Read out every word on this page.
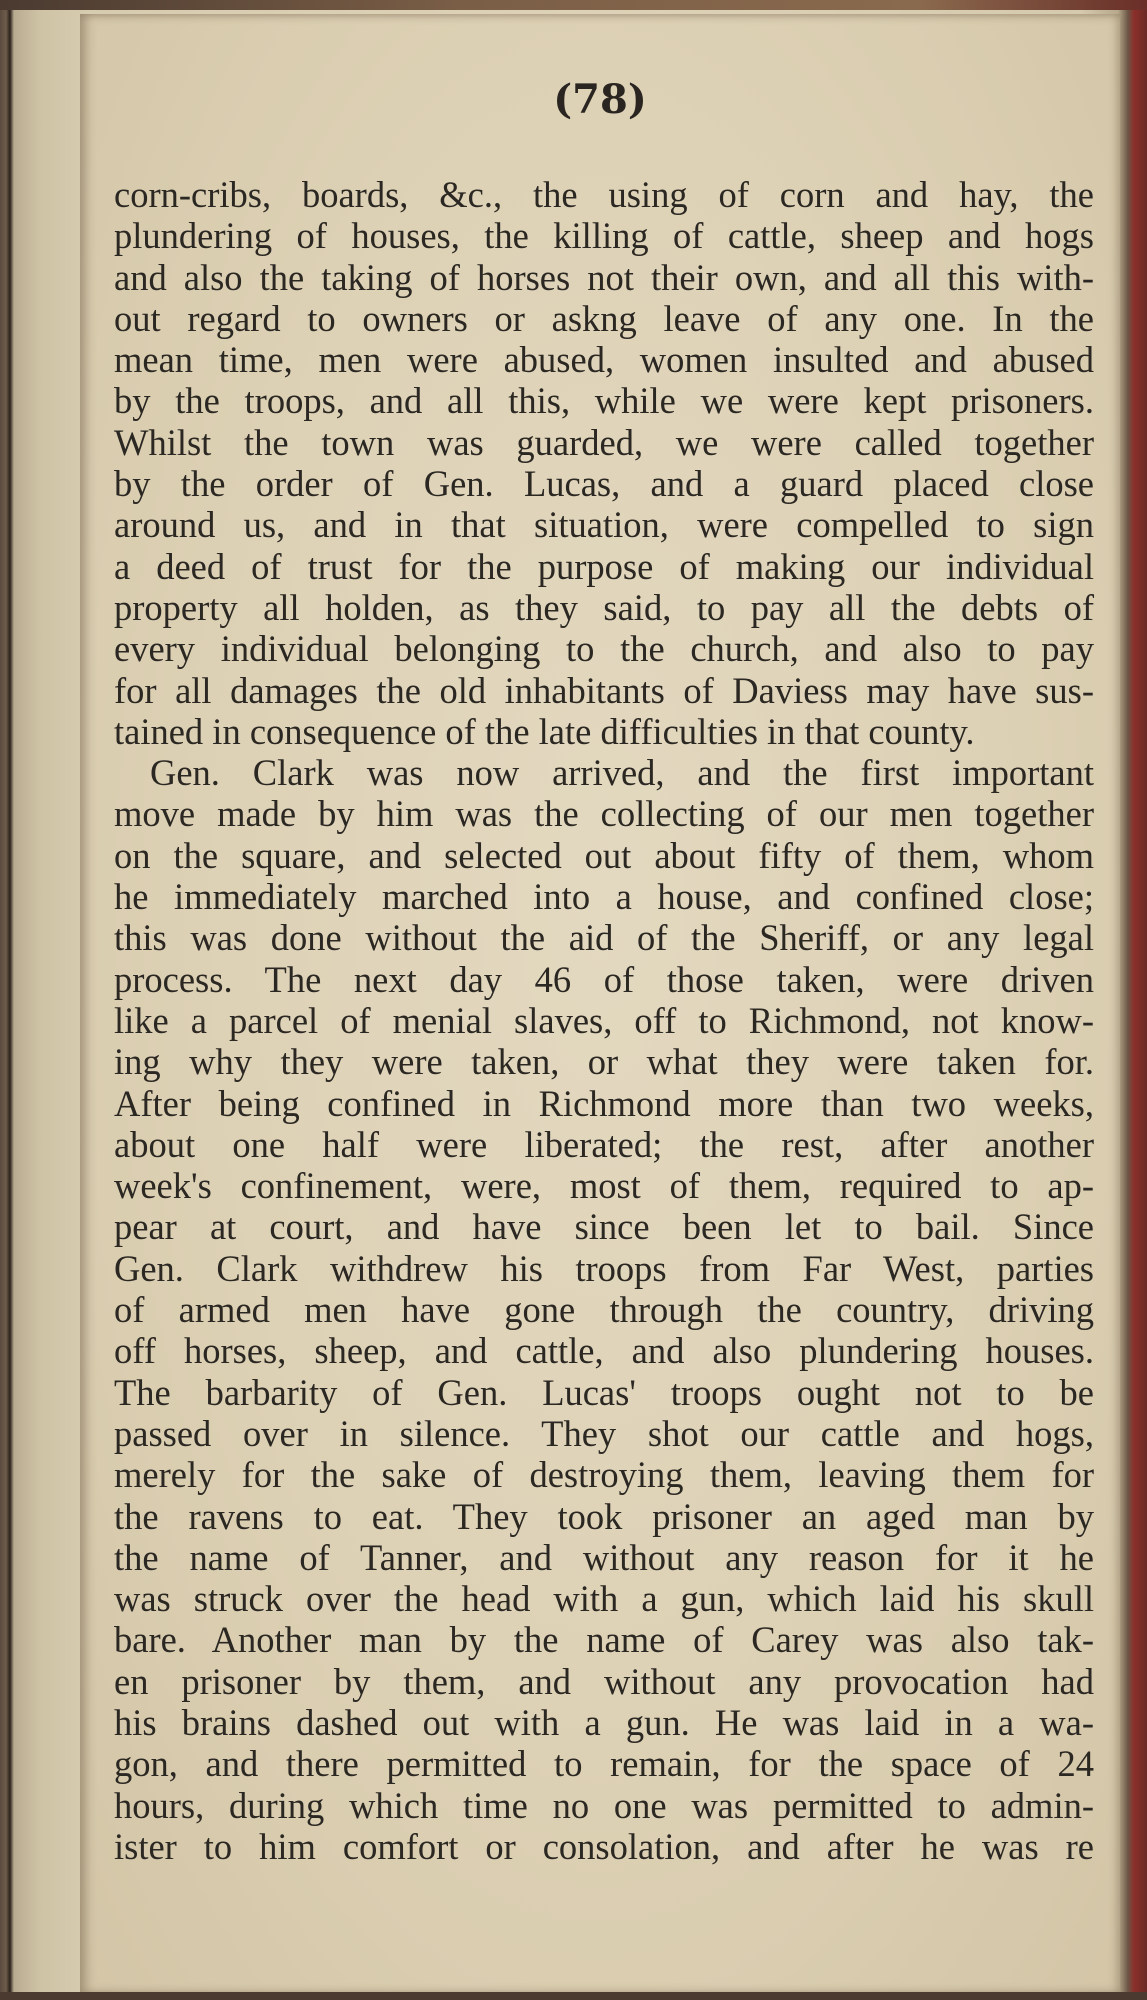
(78)
corn-cribs, boards, &c., the using of corn and hay, the
plundering of houses, the killing of cattle, sheep and hogs
and also the taking of horses not their own, and all this with-
out regard to owners or askng leave of any one. In the
mean time, men were abused, women insulted and abused
by the troops, and all this, while we were kept prisoners.
Whilst the town was guarded, we were called together
by the order of Gen. Lucas, and a guard placed close
around us, and in that situation, were compelled to sign
a deed of trust for the purpose of making our individual
property all holden, as they said, to pay all the debts of
every individual belonging to the church, and also to pay
for all damages the old inhabitants of Daviess may have sus-
tained in consequence of the late difficulties in that county.
Gen. Clark was now arrived, and the first important
move made by him was the collecting of our men together
on the square, and selected out about fifty of them, whom
he immediately marched into a house, and confined close;
this was done without the aid of the Sheriff, or any legal
process. The next day 46 of those taken, were driven
like a parcel of menial slaves, off to Richmond, not know-
ing why they were taken, or what they were taken for.
After being confined in Richmond more than two weeks,
about one half were liberated; the rest, after another
week's confinement, were, most of them, required to ap-
pear at court, and have since been let to bail. Since
Gen. Clark withdrew his troops from Far West, parties
of armed men have gone through the country, driving
off horses, sheep, and cattle, and also plundering houses.
The barbarity of Gen. Lucas' troops ought not to be
passed over in silence. They shot our cattle and hogs,
merely for the sake of destroying them, leaving them for
the ravens to eat. They took prisoner an aged man by
the name of Tanner, and without any reason for it he
was struck over the head with a gun, which laid his skull
bare. Another man by the name of Carey was also tak-
en prisoner by them, and without any provocation had
his brains dashed out with a gun. He was laid in a wa-
gon, and there permitted to remain, for the space of 24
hours, during which time no one was permitted to admin-
ister to him comfort or consolation, and after he was re
